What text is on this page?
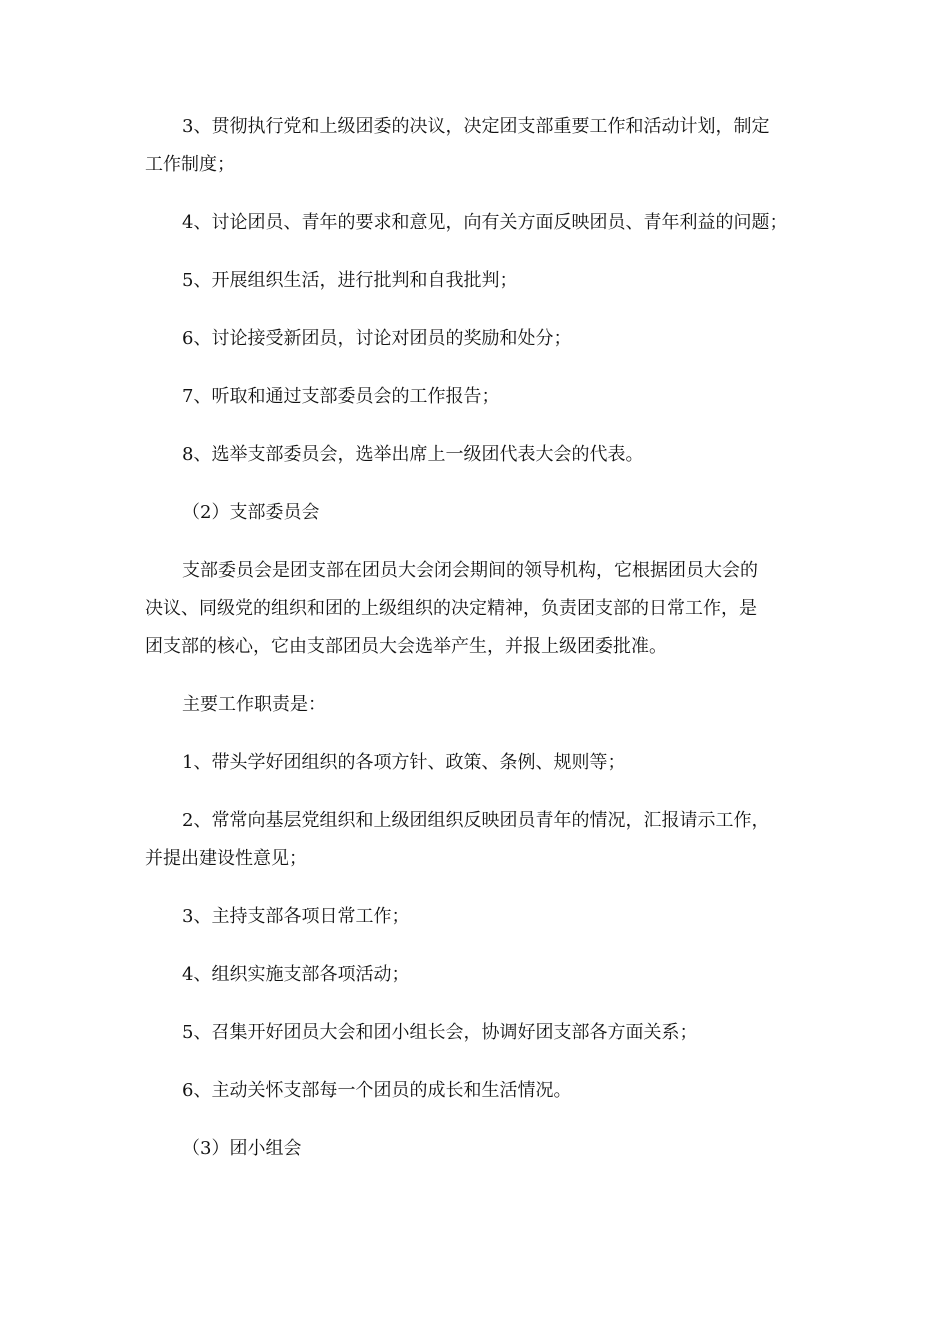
3、贯彻执行党和上级团委的决议，决定团支部重要工作和活动计划，制定
工作制度；

4、讨论团员、青年的要求和意见，向有关方面反映团员、青年利益的问题；

5、开展组织生活，进行批判和自我批判；

6、讨论接受新团员，讨论对团员的奖励和处分；

7、听取和通过支部委员会的工作报告；

8、选举支部委员会，选举出席上一级团代表大会的代表。

（2）支部委员会

支部委员会是团支部在团员大会闭会期间的领导机构，它根据团员大会的
决议、同级党的组织和团的上级组织的决定精神，负责团支部的日常工作，是
团支部的核心，它由支部团员大会选举产生，并报上级团委批准。

主要工作职责是：

1、带头学好团组织的各项方针、政策、条例、规则等；

2、常常向基层党组织和上级团组织反映团员青年的情况，汇报请示工作，
并提出建设性意见；

3、主持支部各项日常工作；

4、组织实施支部各项活动；

5、召集开好团员大会和团小组长会，协调好团支部各方面关系；

6、主动关怀支部每一个团员的成长和生活情况。

（3）团小组会
